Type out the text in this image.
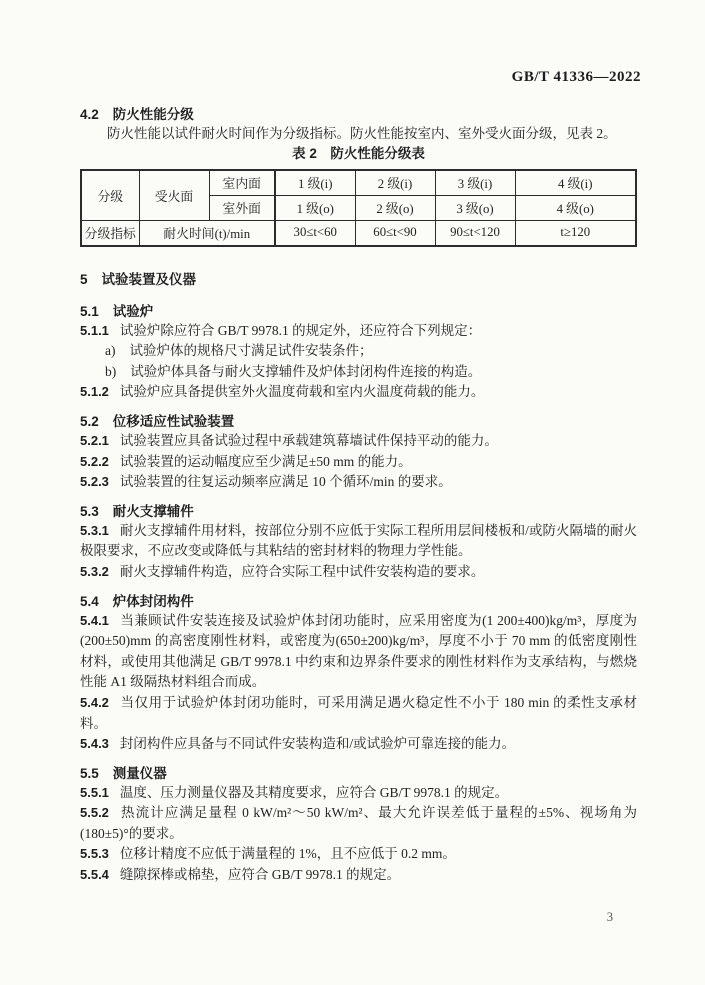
GB/T 41336—2022
4.2 防火性能分级

防火性能以试件耐火时间作为分级指标。防火性能按室内、室外受火面分级，见表 2。

表 2　防火性能分级表

分级	受火面	室内面	1 级(i)	2 级(i)	3 级(i)	4 级(i)
		室外面	1 级(o)	2 级(o)	3 级(o)	4 级(o)
分级指标	耐火时间(t)/min		30≤t<60	60≤t<90	90≤t<120	t≥120
5 试验装置及仪器
5.1 试验炉

5.1.1 试验炉除应符合 GB/T 9978.1 的规定外，还应符合下列规定：

a) 试验炉体的规格尺寸满足试件安装条件；

b) 试验炉体具备与耐火支撑辅件及炉体封闭构件连接的构造。

5.1.2 试验炉应具备提供室外火温度荷载和室内火温度荷载的能力。

5.2 位移适应性试验装置

5.2.1 试验装置应具备试验过程中承载建筑幕墙试件保持平动的能力。

5.2.2 试验装置的运动幅度应至少满足±50 mm 的能力。

5.2.3 试验装置的往复运动频率应满足 10 个循环/min 的要求。

5.3 耐火支撑辅件

5.3.1 耐火支撑辅件用材料，按部位分别不应低于实际工程所用层间楼板和/或防火隔墙的耐火极限要求，不应改变或降低与其粘结的密封材料的物理力学性能。

5.3.2 耐火支撑辅件构造，应符合实际工程中试件安装构造的要求。

5.4 炉体封闭构件

5.4.1 当兼顾试件安装连接及试验炉体封闭功能时，应采用密度为(1 200±400)kg/m³，厚度为(200±50)mm 的高密度刚性材料，或密度为(650±200)kg/m³，厚度不小于 70 mm 的低密度刚性材料，或使用其他满足 GB/T 9978.1 中约束和边界条件要求的刚性材料作为支承结构，与燃烧性能 A1 级隔热材料组合而成。

5.4.2 当仅用于试验炉体封闭功能时，可采用满足遇火稳定性不小于 180 min 的柔性支承材料。

5.4.3 封闭构件应具备与不同试件安装构造和/或试验炉可靠连接的能力。

5.5 测量仪器

5.5.1 温度、压力测量仪器及其精度要求，应符合 GB/T 9978.1 的规定。

5.5.2 热流计应满足量程 0 kW/m²～50 kW/m²、最大允许误差低于量程的±5%、视场角为(180±5)°的要求。

5.5.3 位移计精度不应低于满量程的 1%，且不应低于 0.2 mm。

5.5.4 缝隙探棒或棉垫，应符合 GB/T 9978.1 的规定。

3
